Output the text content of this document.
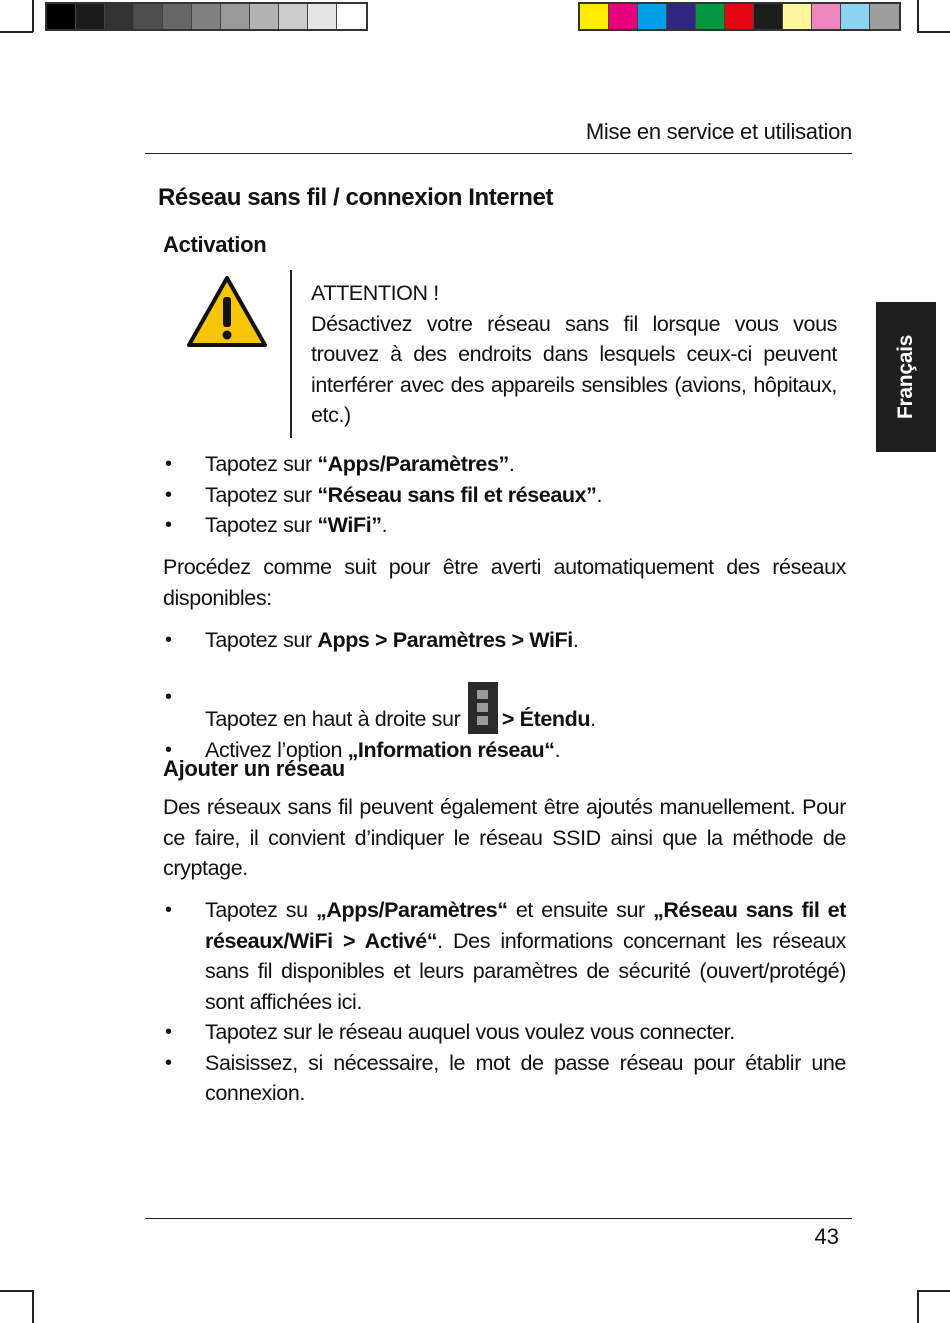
Mise en service et utilisation
Français
Réseau sans fil / connexion Internet
Activation
ATTENTION !
Désactivez votre réseau sans fil lorsque vous vous trouvez à des endroits dans lesquels ceux-ci peuvent interférer avec des appareils sensibles (avions, hôpitaux, etc.)
• Tapotez sur “Apps/Paramètres”.
• Tapotez sur “Réseau sans fil et réseaux”.
• Tapotez sur “WiFi”.
Procédez comme suit pour être averti automatiquement des réseaux disponibles:
• Tapotez sur Apps > Paramètres > WiFi.
• Tapotez en haut à droite sur
> Étendu.
• Activez l’option „Information réseau“.
Ajouter un réseau
Des réseaux sans fil peuvent également être ajoutés manuellement. Pour ce faire, il convient d’indiquer le réseau SSID ainsi que la méthode de cryptage.
• Tapotez su „Apps/Paramètres“ et ensuite sur „Réseau sans fil et réseaux/WiFi > Activé“. Des informations concernant les réseaux sans fil disponibles et leurs paramètres de sécurité (ouvert/protégé) sont affichées ici.
• Tapotez sur le réseau auquel vous voulez vous connecter.
• Saisissez, si nécessaire, le mot de passe réseau pour établir une connexion.
43
